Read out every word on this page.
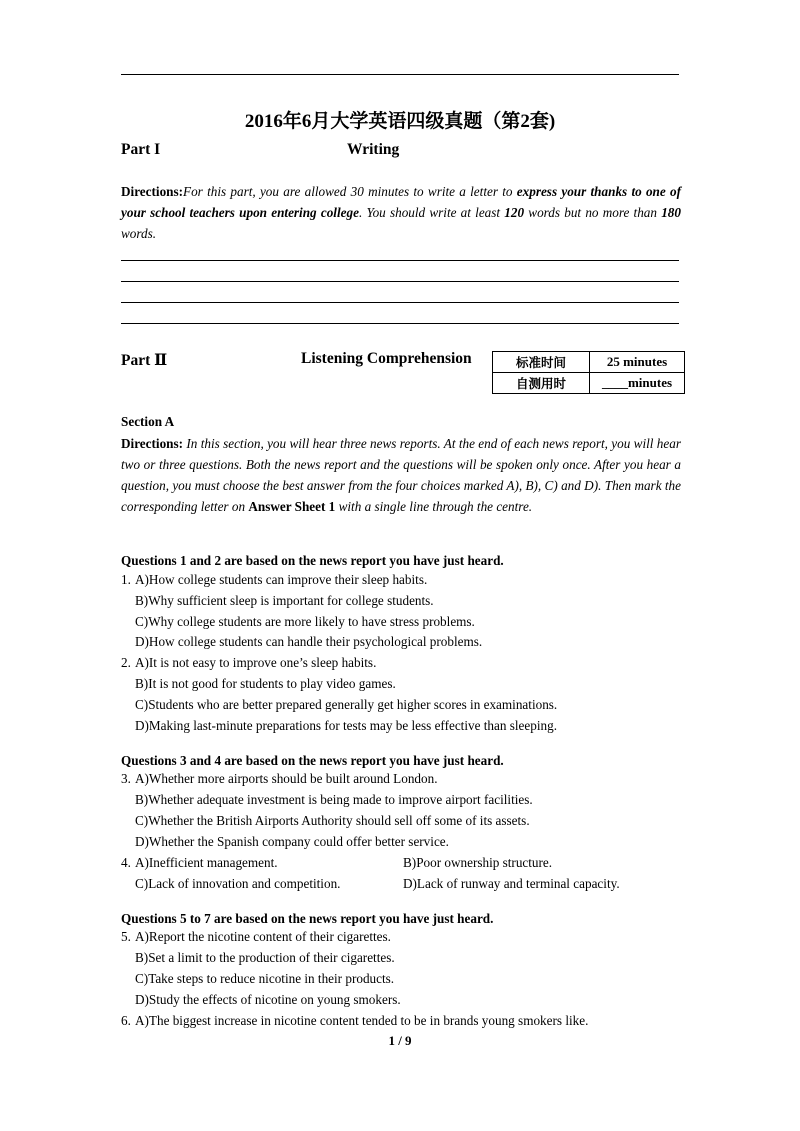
2016年6月大学英语四级真题（第2套)
Part I	Writing
Directions:For this part, you are allowed 30 minutes to write a letter to express your thanks to one of your school teachers upon entering college. You should write at least 120 words but no more than 180 words.
Part Ⅱ	Listening Comprehension	标准时间	25 minutes
自测用时	____minutes
Section A
Directions: In this section, you will hear three news reports. At the end of each news report, you will hear two or three questions. Both the news report and the questions will be spoken only once. After you hear a question, you must choose the best answer from the four choices marked A), B), C) and D). Then mark the corresponding letter on Answer Sheet 1 with a single line through the centre.
Questions 1 and 2 are based on the news report you have just heard.
1. A)How college students can improve their sleep habits.
B)Why sufficient sleep is important for college students.
C)Why college students are more likely to have stress problems.
D)How college students can handle their psychological problems.
2. A)It is not easy to improve one’s sleep habits.
B)It is not good for students to play video games.
C)Students who are better prepared generally get higher scores in examinations.
D)Making last-minute preparations for tests may be less effective than sleeping.
Questions 3 and 4 are based on the news report you have just heard.
3. A)Whether more airports should be built around London.
B)Whether adequate investment is being made to improve airport facilities.
C)Whether the British Airports Authority should sell off some of its assets.
D)Whether the Spanish company could offer better service.
4. A)Inefficient management.	B)Poor ownership structure.
C)Lack of innovation and competition.	D)Lack of runway and terminal capacity.
Questions 5 to 7 are based on the news report you have just heard.
5. A)Report the nicotine content of their cigarettes.
B)Set a limit to the production of their cigarettes.
C)Take steps to reduce nicotine in their products.
D)Study the effects of nicotine on young smokers.
6. A)The biggest increase in nicotine content tended to be in brands young smokers like.
1 / 9
